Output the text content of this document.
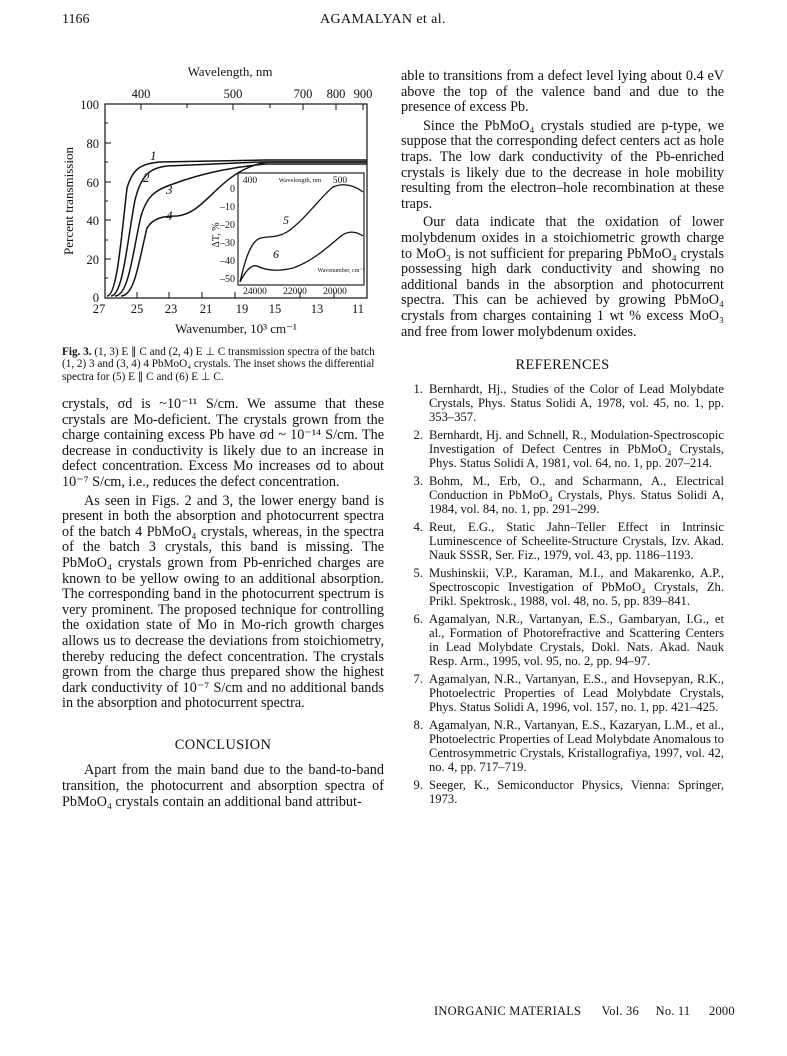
1166	AGAMALYAN et al.
Wavelength, nm
400	500	700 800 900
100
80
60
40
20
0
Percent transmission
27 25 23 21 19 15 13 11
Wavenumber, 10³ cm⁻¹
1
2
3
4
400	Wavelength, nm 500
0
–10
–20
–30
–40
–50
ΔT, %
24000 22000 20000
Wavenumber, cm⁻¹
5
6
Fig. 3. (1, 3) E ∥ C and (2, 4) E ⊥ C transmission spectra of the batch (1, 2) 3 and (3, 4) 4 PbMoO₄ crystals. The inset shows the differential spectra for (5) E ∥ C and (6) E ⊥ C.

crystals, σd is ~10⁻¹¹ S/cm. We assume that these crystals are Mo-deficient. The crystals grown from the charge containing excess Pb have σd ~ 10⁻¹⁴ S/cm. The decrease in conductivity is likely due to an increase in defect concentration. Excess Mo increases σd to about 10⁻⁷ S/cm, i.e., reduces the defect concentration.

As seen in Figs. 2 and 3, the lower energy band is present in both the absorption and photocurrent spectra of the batch 4 PbMoO₄ crystals, whereas, in the spectra of the batch 3 crystals, this band is missing. The PbMoO₄ crystals grown from Pb-enriched charges are known to be yellow owing to an additional absorption. The corresponding band in the photocurrent spectrum is very prominent. The proposed technique for controlling the oxidation state of Mo in Mo-rich growth charges allows us to decrease the deviations from stoichiometry, thereby reducing the defect concentration. The crystals grown from the charge thus prepared show the highest dark conductivity of 10⁻⁷ S/cm and no additional bands in the absorption and photocurrent spectra.

CONCLUSION

Apart from the main band due to the band-to-band transition, the photocurrent and absorption spectra of PbMoO₄ crystals contain an additional band attribut-

able to transitions from a defect level lying about 0.4 eV above the top of the valence band and due to the presence of excess Pb.

Since the PbMoO₄ crystals studied are p-type, we suppose that the corresponding defect centers act as hole traps. The low dark conductivity of the Pb-enriched crystals is likely due to the decrease in hole mobility resulting from the electron–hole recombination at these traps.

Our data indicate that the oxidation of lower molybdenum oxides in a stoichiometric growth charge to MoO₃ is not sufficient for preparing PbMoO₄ crystals possessing high dark conductivity and showing no additional bands in the absorption and photocurrent spectra. This can be achieved by growing PbMoO₄ crystals from charges containing 1 wt % excess MoO₃ and free from lower molybdenum oxides.

REFERENCES
1. Bernhardt, Hj., Studies of the Color of Lead Molybdate Crystals, Phys. Status Solidi A, 1978, vol. 45, no. 1, pp. 353–357.
2. Bernhardt, Hj. and Schnell, R., Modulation-Spectroscopic Investigation of Defect Centres in PbMoO₄ Crystals, Phys. Status Solidi A, 1981, vol. 64, no. 1, pp. 207–214.
3. Bohm, M., Erb, O., and Scharmann, A., Electrical Conduction in PbMoO₄ Crystals, Phys. Status Solidi A, 1984, vol. 84, no. 1, pp. 291–299.
4. Reut, E.G., Static Jahn–Teller Effect in Intrinsic Luminescence of Scheelite-Structure Crystals, Izv. Akad. Nauk SSSR, Ser. Fiz., 1979, vol. 43, pp. 1186–1193.
5. Mushinskii, V.P., Karaman, M.I., and Makarenko, A.P., Spectroscopic Investigation of PbMoO₄ Crystals, Zh. Prikl. Spektrosk., 1988, vol. 48, no. 5, pp. 839–841.
6. Agamalyan, N.R., Vartanyan, E.S., Gambaryan, I.G., et al., Formation of Photorefractive and Scattering Centers in Lead Molybdate Crystals, Dokl. Nats. Akad. Nauk Resp. Arm., 1995, vol. 95, no. 2, pp. 94–97.
7. Agamalyan, N.R., Vartanyan, E.S., and Hovsepyan, R.K., Photoelectric Properties of Lead Molybdate Crystals, Phys. Status Solidi A, 1996, vol. 157, no. 1, pp. 421–425.
8. Agamalyan, N.R., Vartanyan, E.S., Kazaryan, L.M., et al., Photoelectric Properties of Lead Molybdate Anomalous to Centrosymmetric Crystals, Kristallografiya, 1997, vol. 42, no. 4, pp. 717–719.
9. Seeger, K., Semiconductor Physics, Vienna: Springer, 1973.
INORGANIC MATERIALS Vol. 36 No. 11 2000
